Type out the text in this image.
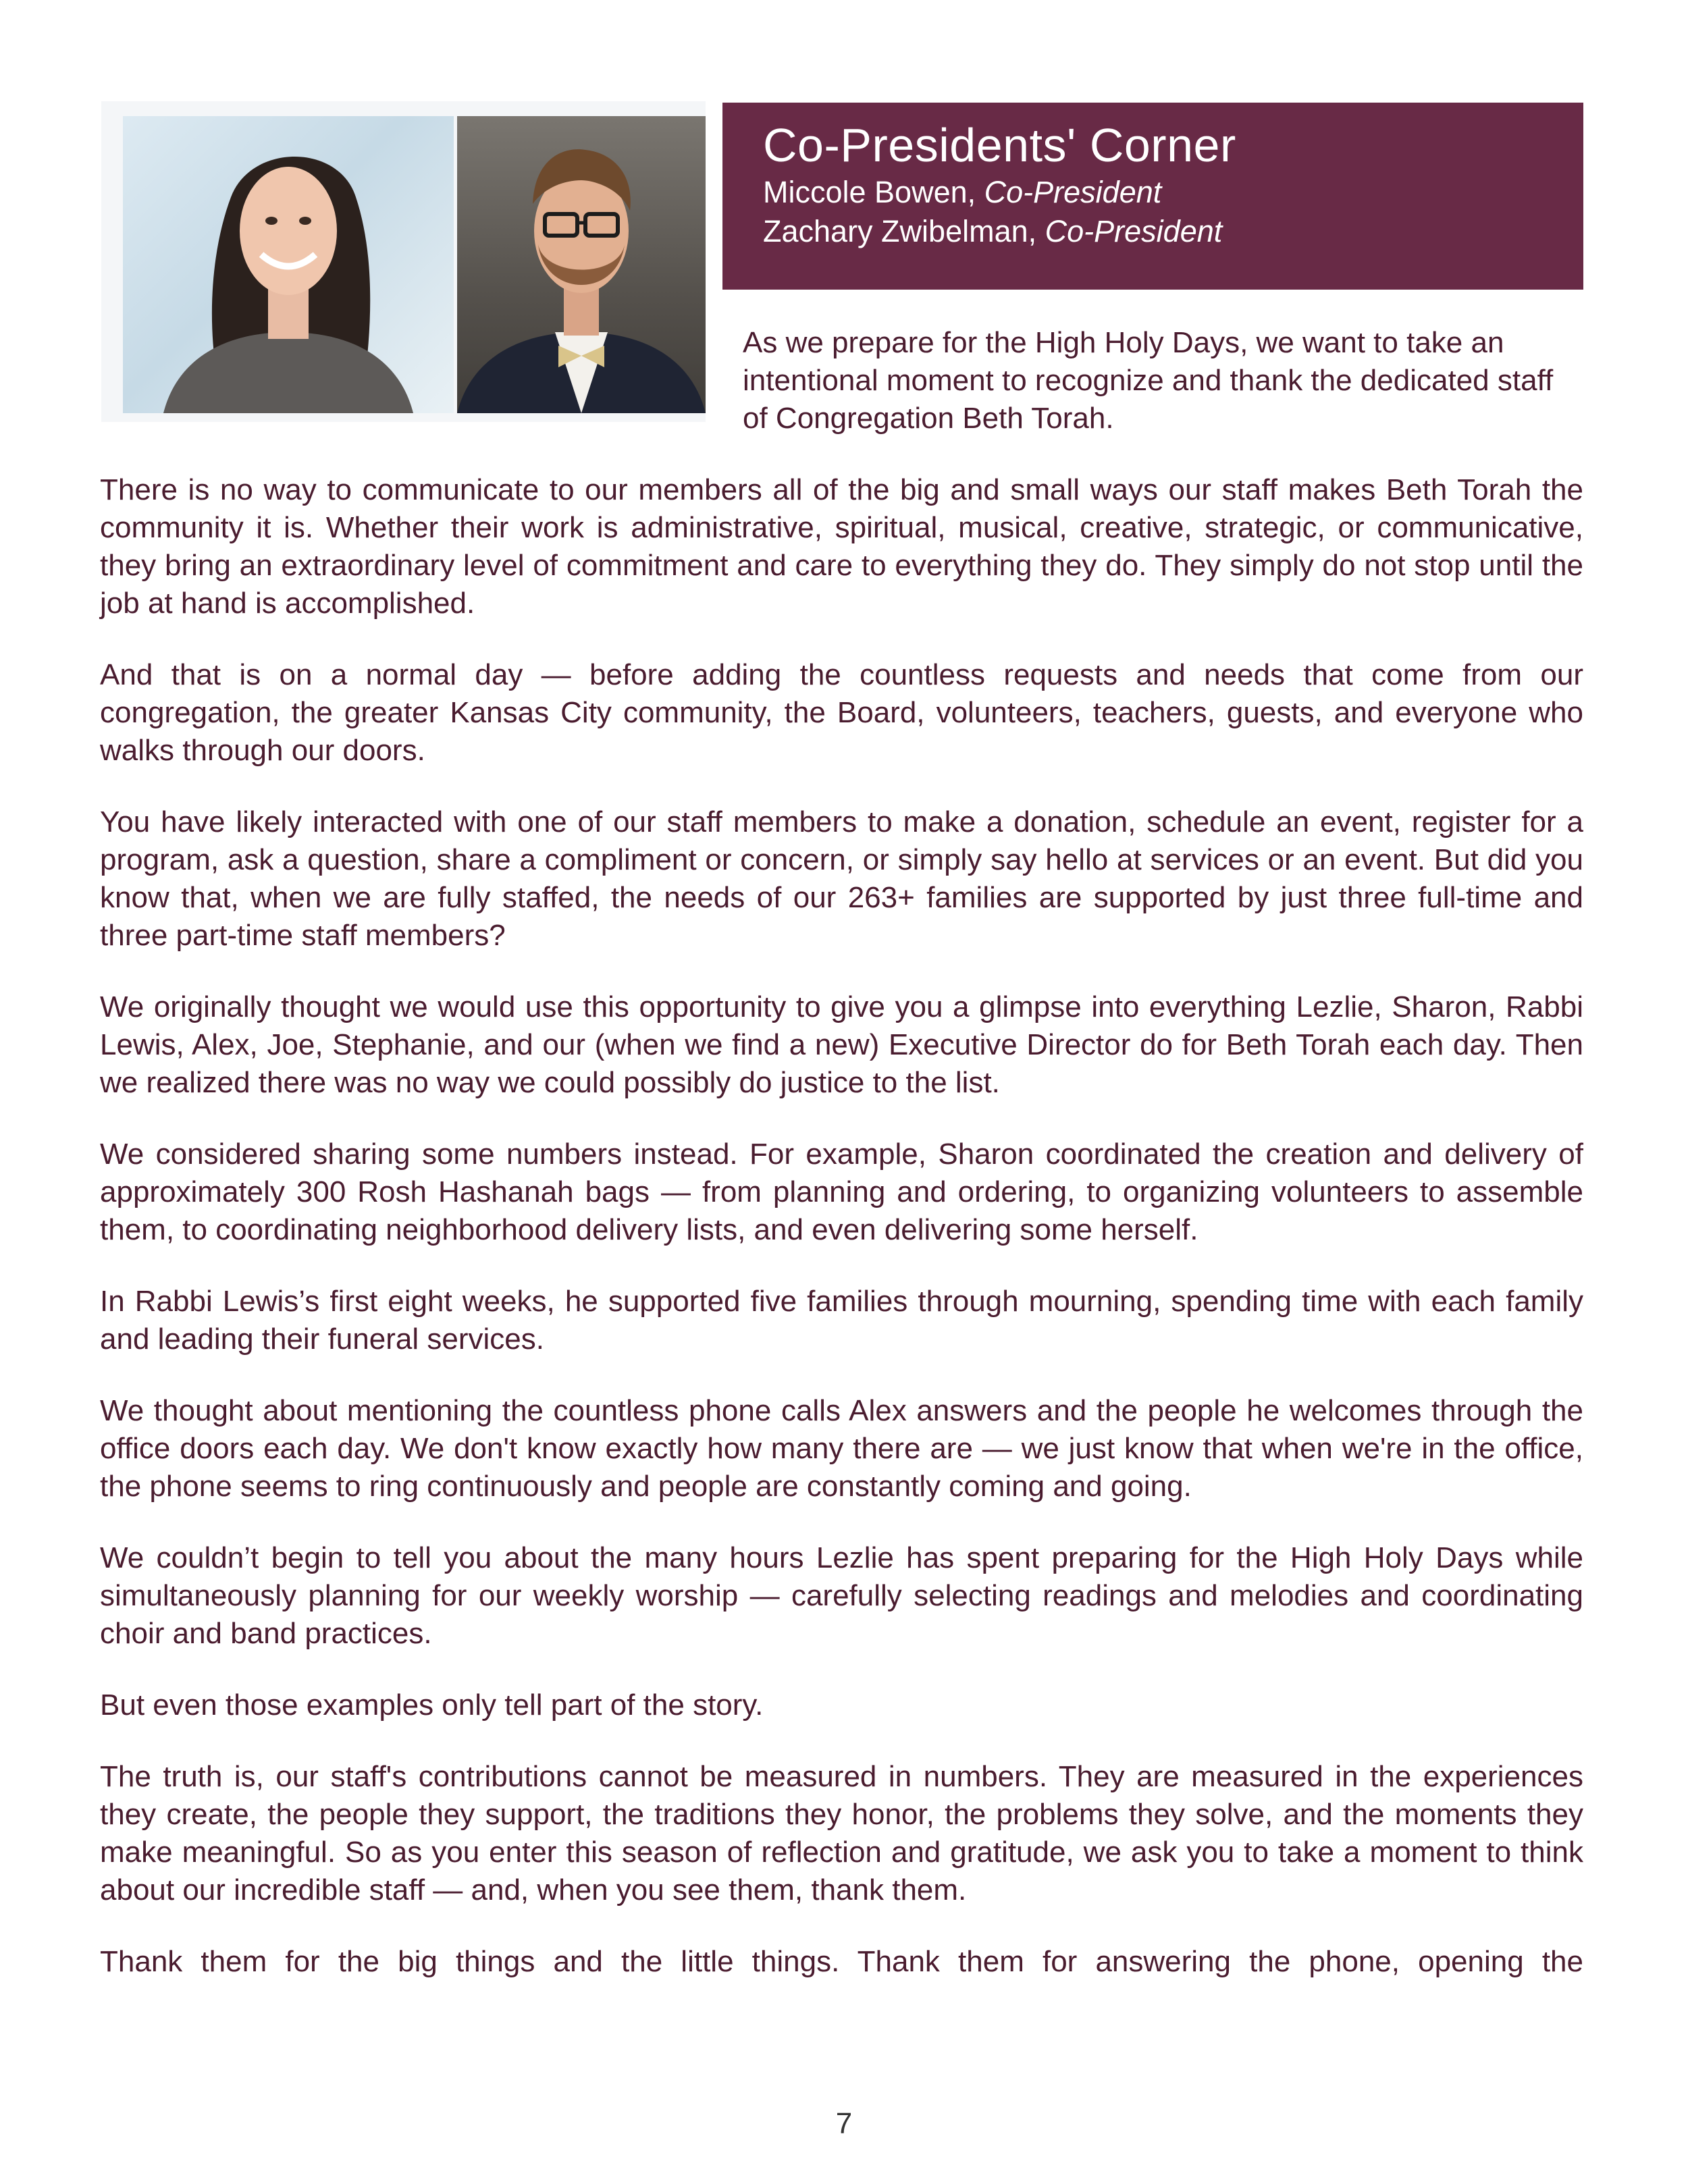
Co-Presidents' Corner
Miccole Bowen, Co-President
Zachary Zwibelman, Co-President

As we prepare for the High Holy Days, we want to take an intentional moment to recognize and thank the dedicated staff of Congregation Beth Torah.

There is no way to communicate to our members all of the big and small ways our staff makes Beth Torah the community it is. Whether their work is administrative, spiritual, musical, creative, strategic, or communicative, they bring an extraordinary level of commitment and care to everything they do. They simply do not stop until the job at hand is accomplished.

And that is on a normal day — before adding the countless requests and needs that come from our congregation, the greater Kansas City community, the Board, volunteers, teachers, guests, and everyone who walks through our doors.

You have likely interacted with one of our staff members to make a donation, schedule an event, register for a program, ask a question, share a compliment or concern, or simply say hello at services or an event. But did you know that, when we are fully staffed, the needs of our 263+ families are supported by just three full-time and three part-time staff members?

We originally thought we would use this opportunity to give you a glimpse into everything Lezlie, Sharon, Rabbi Lewis, Alex, Joe, Stephanie, and our (when we find a new) Executive Director do for Beth Torah each day. Then we realized there was no way we could possibly do justice to the list.

We considered sharing some numbers instead. For example, Sharon coordinated the creation and delivery of approximately 300 Rosh Hashanah bags — from planning and ordering, to organizing volunteers to assemble them, to coordinating neighborhood delivery lists, and even delivering some herself.

In Rabbi Lewis’s first eight weeks, he supported five families through mourning, spending time with each family and leading their funeral services.

We thought about mentioning the countless phone calls Alex answers and the people he welcomes through the office doors each day. We don't know exactly how many there are — we just know that when we're in the office, the phone seems to ring continuously and people are constantly coming and going.

We couldn’t begin to tell you about the many hours Lezlie has spent preparing for the High Holy Days while simultaneously planning for our weekly worship — carefully selecting readings and melodies and coordinating choir and band practices.

But even those examples only tell part of the story.

The truth is, our staff's contributions cannot be measured in numbers. They are measured in the experiences they create, the people they support, the traditions they honor, the problems they solve, and the moments they make meaningful. So as you enter this season of reflection and gratitude, we ask you to take a moment to think about our incredible staff — and, when you see them, thank them.

Thank them for the big things and the little things. Thank them for answering the phone, opening the

7
